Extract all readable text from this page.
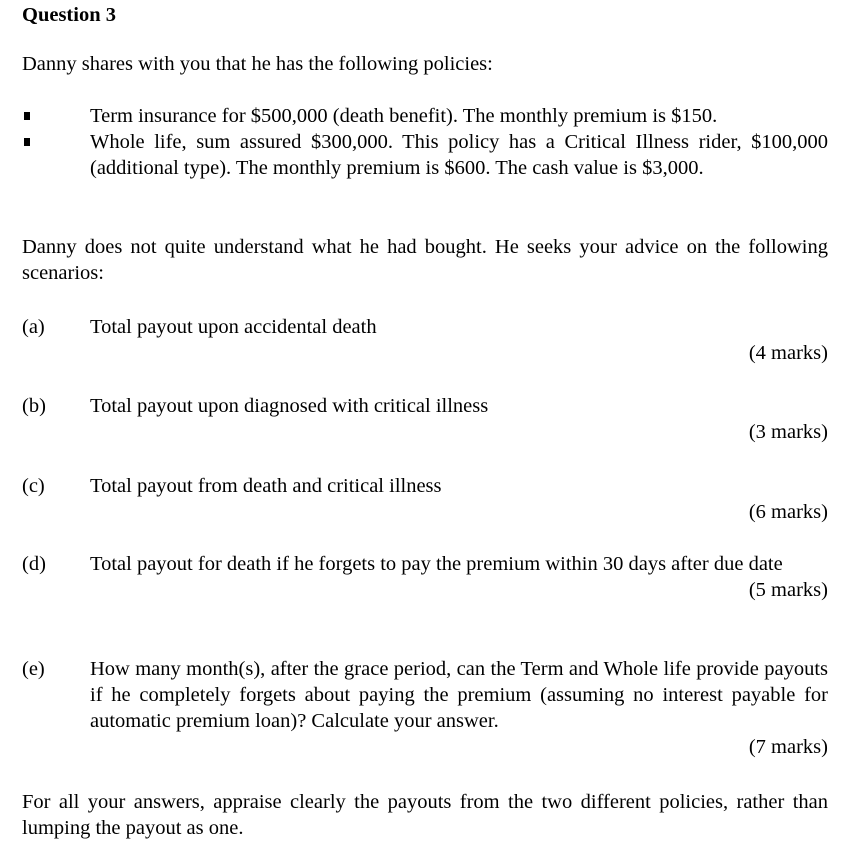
Question 3
Danny shares with you that he has the following policies:
Term insurance for $500,000 (death benefit). The monthly premium is $150.
Whole life, sum assured $300,000. This policy has a Critical Illness rider, $100,000 (additional type). The monthly premium is $600. The cash value is $3,000.
Danny does not quite understand what he had bought. He seeks your advice on the following scenarios:
(a) Total payout upon accidental death
(4 marks)
(b) Total payout upon diagnosed with critical illness
(3 marks)
(c) Total payout from death and critical illness
(6 marks)
(d) Total payout for death if he forgets to pay the premium within 30 days after due date
(5 marks)
(e) How many month(s), after the grace period, can the Term and Whole life provide payouts if he completely forgets about paying the premium (assuming no interest payable for automatic premium loan)? Calculate your answer.
(7 marks)
For all your answers, appraise clearly the payouts from the two different policies, rather than lumping the payout as one.
